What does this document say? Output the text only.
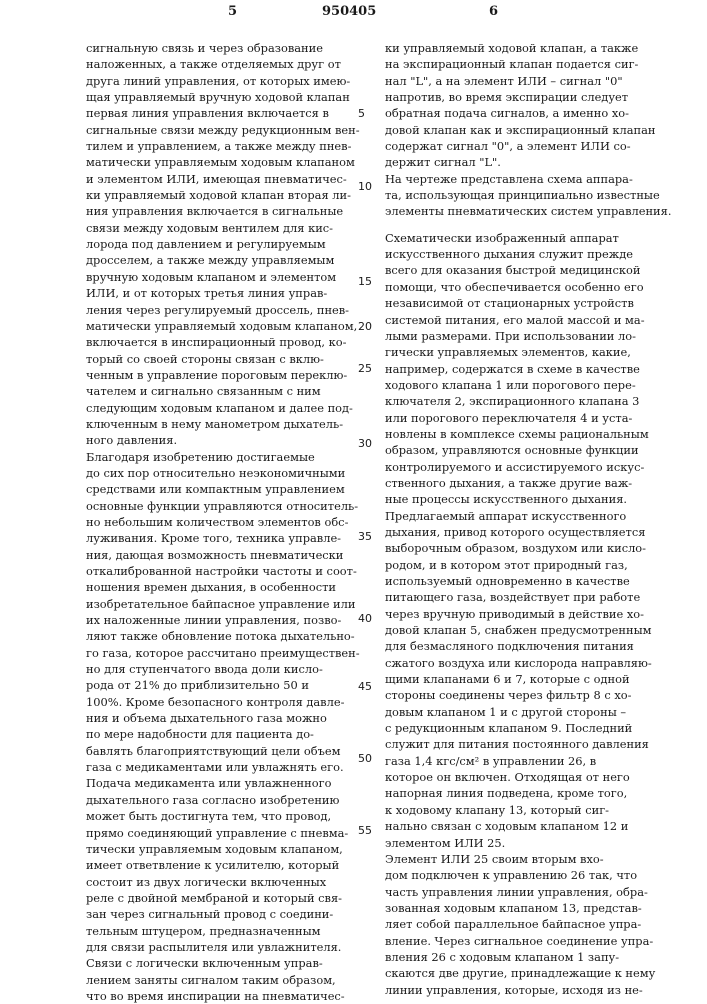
5	950405	6
сигнальную связь и через образование
наложенных, а также отделяемых друг от
друга линий управления, от которых имею-
щая управляемый вручную ходовой клапан
первая линия управления включается в
сигнальные связи между редукционным вен-
тилем и управлением, а также между пнев-
матически управляемым ходовым клапаном
и элементом ИЛИ, имеющая пневматичес-
ки управляемый ходовой клапан вторая ли-
ния управления включается в сигнальные
связи между ходовым вентилем для кис-
лорода под давлением и регулируемым
дросселем, а также между управляемым
вручную ходовым клапаном и элементом
ИЛИ, и от которых третья линия управ-
ления через регулируемый дроссель, пнев-
матически управляемый ходовым клапаном,
включается в инспирационный провод, ко-
торый со своей стороны связан с вклю-
ченным в управление пороговым переклю-
чателем и сигнально связанным с ним
следующим ходовым клапаном и далее под-
ключенным в нему манометром дыхатель-
ного давления.
Благодаря изобретению достигаемые
до сих пор относительно неэкономичными
средствами или компактным управлением
основные функции управляются относитель-
но небольшим количеством элементов обс-
луживания. Кроме того, техника управле-
ния, дающая возможность пневматически
откалиброванной настройки частоты и соот-
ношения времен дыхания, в особенности
изобретательное байпасное управление или
их наложенные линии управления, позво-
ляют также обновление потока дыхательно-
го газа, которое рассчитано преимуществен-
но для ступенчатого ввода доли кисло-
рода от 21% до приблизительно 50 и
100%. Кроме безопасного контроля давле-
ния и объема дыхательного газа можно
по мере надобности для пациента до-
бавлять благоприятствующий цели объем
газа с медикаментами или увлажнять его.
Подача медикамента или увлажненного
дыхательного газа согласно изобретению
может быть достигнута тем, что провод,
прямо соединяющий управление с пневма-
тически управляемым ходовым клапаном,
имеет ответвление к усилителю, который
состоит из двух логически включенных
реле с двойной мембраной и который свя-
зан через сигнальный провод с соедини-
тельным штуцером, предназначенным
для связи распылителя или увлажнителя.
Связи с логически включенным управ-
лением заняты сигналом таким образом,
что во время инспирации на пневматичес-
ки управляемый ходовой клапан, а также
на экспирационный клапан подается сиг-
нал "L", а на элемент ИЛИ – сигнал "0"
напротив, во время экспирации следует
обратная подача сигналов, а именно хо-
довой клапан как и экспирационный клапан
содержат сигнал "0", а элемент ИЛИ со-
держит сигнал "L".
На чертеже представлена схема аппара-
та, использующая принципиально известные
элементы пневматических систем управления.
Схематически изображенный аппарат
искусственного дыхания служит прежде
всего для оказания быстрой медицинской
помощи, что обеспечивается особенно его
независимой от стационарных устройств
системой питания, его малой массой и ма-
лыми размерами. При использовании ло-
гически управляемых элементов, какие,
например, содержатся в схеме в качестве
ходового клапана 1 или порогового пере-
ключателя 2, экспирационного клапана 3
или порогового переключателя 4 и уста-
новлены в комплексе схемы рациональным
образом, управляются основные функции
контролируемого и ассистируемого искус-
ственного дыхания, а также другие важ-
ные процессы искусственного дыхания.
Предлагаемый аппарат искусственного
дыхания, привод которого осуществляется
выборочным образом, воздухом или кисло-
родом, и в котором этот природный газ,
используемый одновременно в качестве
питающего газа, воздействует при работе
через вручную приводимый в действие хо-
довой клапан 5, снабжен предусмотренным
для безмасляного подключения питания
сжатого воздуха или кислорода направляю-
щими клапанами 6 и 7, которые с одной
стороны соединены через фильтр 8 с хо-
довым клапаном 1 и с другой стороны –
с редукционным клапаном 9. Последний
служит для питания постоянного давления
газа 1,4 кгс/см² в управлении 26, в
которое он включен. Отходящая от него
напорная линия подведена, кроме того,
к ходовому клапану 13, который сиг-
нально связан с ходовым клапаном 12 и
элементом ИЛИ 25.
Элемент ИЛИ 25 своим вторым вхо-
дом подключен к управлению 26 так, что
часть управления линии управления, обра-
зованная ходовым клапаном 13, представ-
ляет собой параллельное байпасное упра-
вление. Через сигнальное соединение упра-
вления 26 с ходовым клапаном 1 запу-
скаются две другие, принадлежащие к нему
линии управления, которые, исходя из не-
5
10
15
20
25
30
35
40
45
50
55
